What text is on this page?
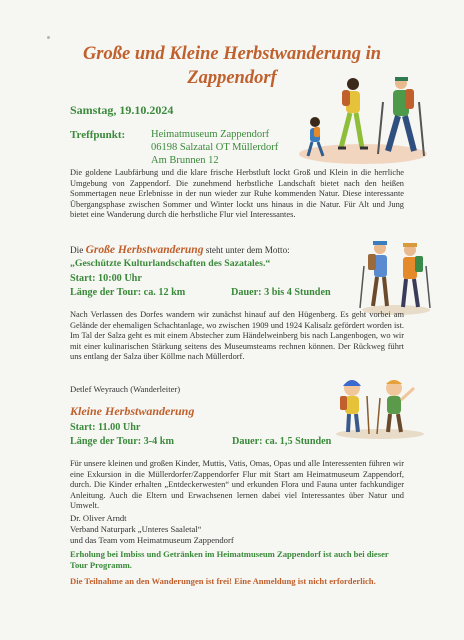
Große und Kleine Herbstwanderung in
Zappendorf
Samstag, 19.10.2024
Treffpunkt: Heimatmuseum Zappendorf
06198 Salzatal OT Müllerdorf
Am Brunnen 12
Die goldene Laubfärbung und die klare frische Herbstluft lockt Groß und Klein in die herrliche Umgebung von Zappendorf. Die zunehmend herbstliche Landschaft bietet nach den heißen Sommertagen neue Erlebnisse in der nun wieder zur Ruhe kommenden Natur. Diese interessante Übergangsphase zwischen Sommer und Winter lockt uns hinaus in die Natur. Für Alt und Jung bietet eine Wanderung durch die herbstliche Flur viel Interessantes.
Die Große Herbstwanderung steht unter dem Motto:
„Geschützte Kulturlandschaften des Sazatales.“
Start: 10:00 Uhr
Länge der Tour: ca. 12 km	Dauer: 3 bis 4 Stunden
Nach Verlassen des Dorfes wandern wir zunächst hinauf auf den Hügenberg. Es geht vorbei am Gelände der ehemaligen Schachtanlage, wo zwischen 1909 und 1924 Kalisalz gefördert worden ist. Im Tal der Salza geht es mit einem Abstecher zum Händelweinberg bis nach Langenbogen, wo wir mit einer kulinarischen Stärkung seitens des Museumsteams rechnen können. Der Rückweg führt uns entlang der Salza über Köllme nach Müllerdorf.
Detlef Weyrauch (Wanderleiter)
Kleine Herbstwanderung
Start: 11.00 Uhr
Länge der Tour: 3-4 km	Dauer: ca. 1,5 Stunden
Für unsere kleinen und großen Kinder, Muttis, Vatis, Omas, Opas und alle Interessenten führen wir eine Exkursion in die Müllerdorfer/Zappendorfer Flur mit Start am Heimatmuseum Zappendorf, durch. Die Kinder erhalten „Entdeckerwesten“ und erkunden Flora und Fauna unter fachkundiger Anleitung. Auch die Eltern und Erwachsenen lernen dabei viel Interessantes über Natur und Umwelt.
Dr. Oliver Arndt
Verband Naturpark „Unteres Saaletal“
und das Team vom Heimatmuseum Zappendorf
Erholung bei Imbiss und Getränken im Heimatmuseum Zappendorf ist auch bei dieser Tour Programm.
Die Teilnahme an den Wanderungen ist frei! Eine Anmeldung ist nicht erforderlich.
